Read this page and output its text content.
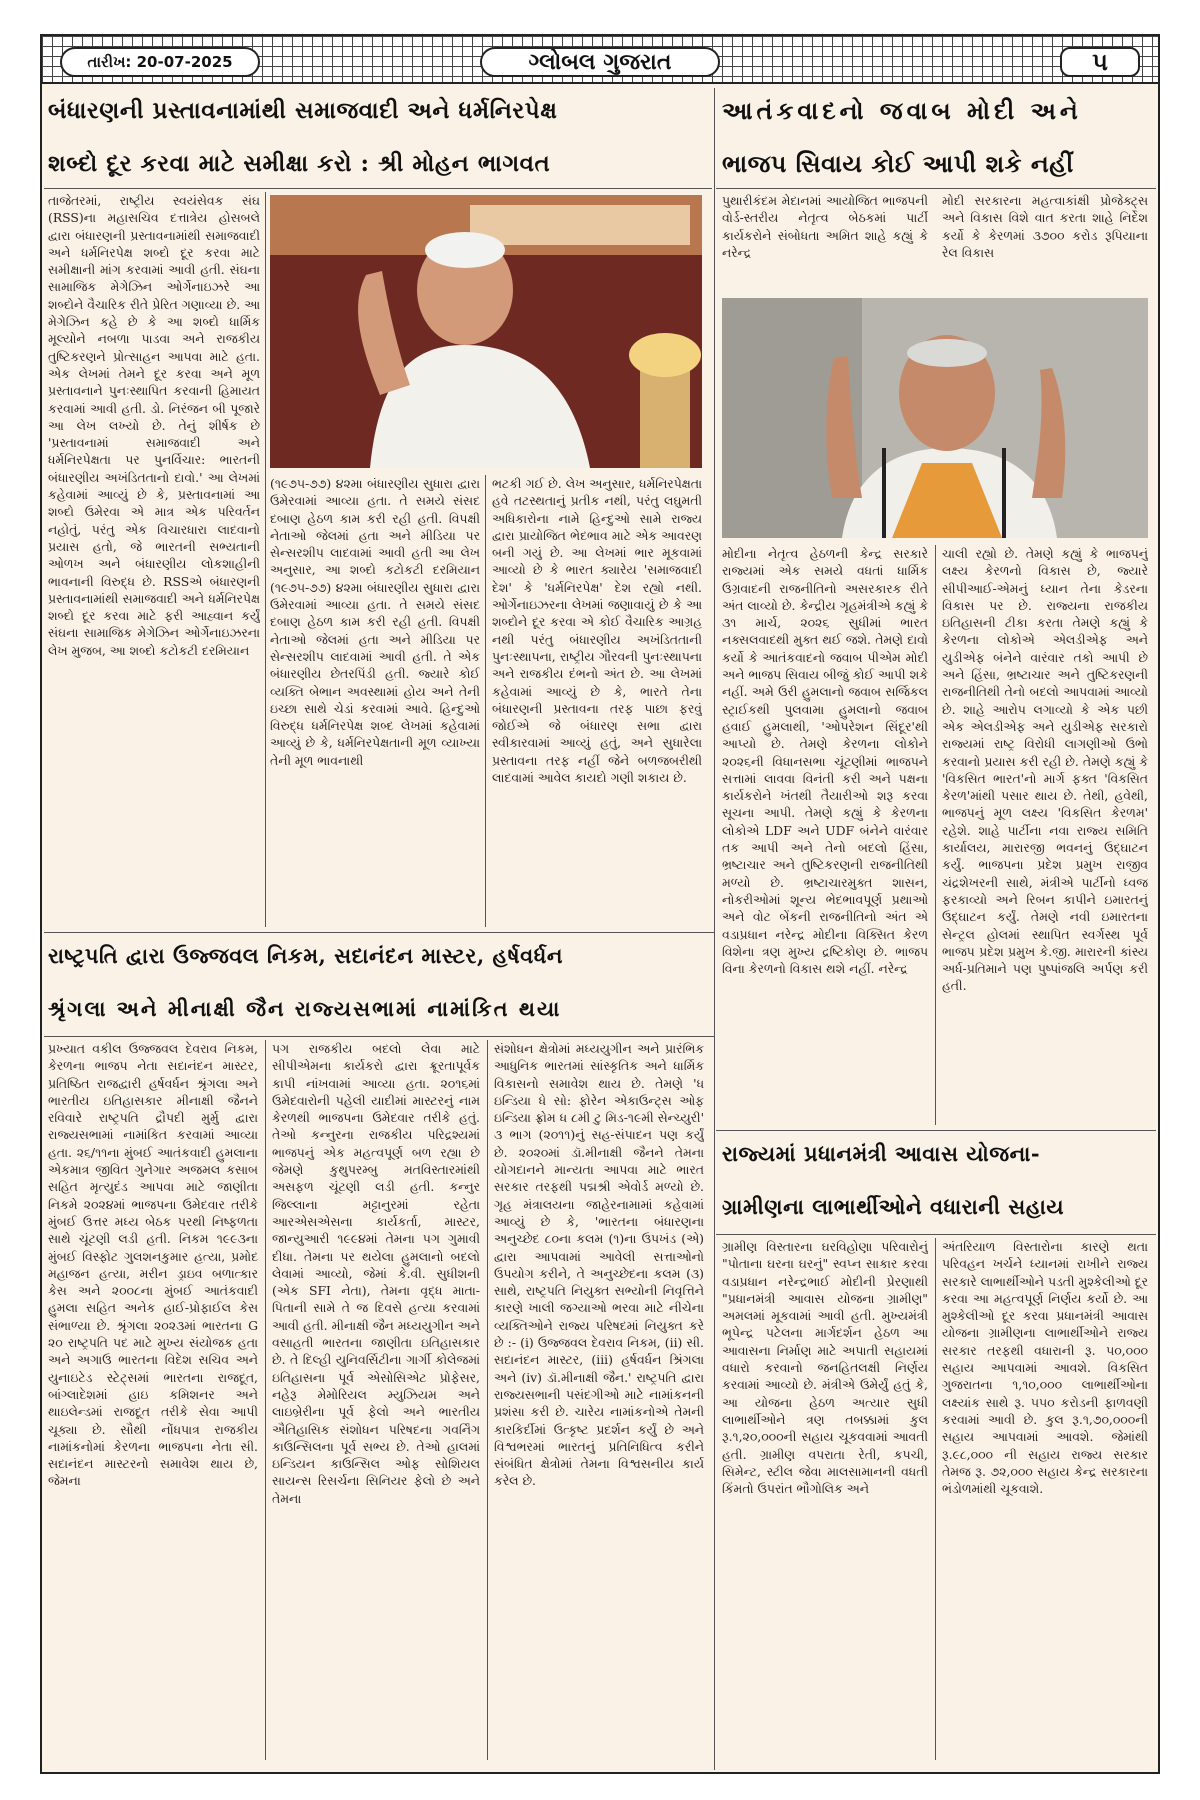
તારીખ: 20-07-2025	ગ્લોબલ ગુજરાત	૫
બંધારણની પ્રસ્તાવનામાંથી સમાજવાદી અને ધર્મનિરપેક્ષ
શબ્દો દૂર કરવા માટે સમીક્ષા કરો : શ્રી મોહન ભાગવત
તાજેતરમાં, રાષ્ટ્રીય સ્વયંસેવક સંઘ (RSS)ના મહાસચિવ દત્તાત્રેય હોસબલે દ્વારા બંધારણની પ્રસ્તાવનામાંથી સમાજવાદી અને ધર્મનિરપેક્ષ શબ્દો દૂર કરવા માટે સમીક્ષાની માંગ કરવામાં આવી હતી. સંઘના સામાજિક મેગેઝિન ઓર્ગેનાઇઝરે આ શબ્દોને વૈચારિક રીતે પ્રેરિત ગણાવ્યા છે. આ મેગેઝિન કહે છે કે આ શબ્દો ધાર્મિક મૂલ્યોને નબળા પાડવા અને રાજકીય તુષ્ટિકરણને પ્રોત્સાહન આપવા માટે હતા. એક લેખમાં તેમને દૂર કરવા અને મૂળ પ્રસ્તાવનાને પુનઃસ્થાપિત કરવાની હિમાયત કરવામાં આવી હતી. ડો. નિરંજન બી પૂજારે આ લેખ લખ્યો છે. તેનું શીર્ષક છે 'પ્રસ્તાવનામાં સમાજવાદી અને ધર્મનિરપેક્ષતા પર પુનર્વિચાર: ભારતની બંધારણીય અખંડિતતાનો દાવો.' આ લેખમાં કહેવામાં આવ્યું છે કે, પ્રસ્તાવનામાં આ શબ્દો ઉમેરવા એ માત્ર એક પરિવર્તન નહોતું, પરંતુ એક વિચારધારા લાદવાનો પ્રયાસ હતો, જે ભારતની સભ્યતાની ઓળખ અને બંધારણીય લોકશાહીની ભાવનાની વિરુદ્ધ છે. RSSએ બંધારણની પ્રસ્તાવનામાંથી સમાજવાદી અને ધર્મનિરપેક્ષ શબ્દો દૂર કરવા માટે ફરી આહ્વાન કર્યું સંઘના સામાજિક મેગેઝિન ઓર્ગેનાઇઝરના લેખ મુજબ, આ શબ્દો કટોકટી દરમિયાન
(૧૯૭૫-૭૭) ૪૨મા બંધારણીય સુધારા દ્વારા ઉમેરવામાં આવ્યા હતા. તે સમયે સંસદ દબાણ હેઠળ કામ કરી રહી હતી. વિપક્ષી નેતાઓ જેલમાં હતા અને મીડિયા પર સેન્સરશીપ લાદવામાં આવી હતી આ લેખ અનુસાર, આ શબ્દો કટોકટી દરમિયાન (૧૯૭૫-૭૭) ૪૨મા બંધારણીય સુધારા દ્વારા ઉમેરવામાં આવ્યા હતા. તે સમયે સંસદ દબાણ હેઠળ કામ કરી રહી હતી. વિપક્ષી નેતાઓ જેલમાં હતા અને મીડિયા પર સેન્સરશીપ લાદવામાં આવી હતી. તે એક બંધારણીય છેતરપિંડી હતી. જ્યારે કોઈ વ્યક્તિ બેભાન અવસ્થામાં હોય અને તેની ઇચ્છા સાથે ચેડાં કરવામાં આવે. હિન્દુઓ વિરુદ્ધ ધર્મનિરપેક્ષ શબ્દ લેખમાં કહેવામાં આવ્યું છે કે, ધર્મનિરપેક્ષતાની મૂળ વ્યાખ્યા તેની મૂળ ભાવનાથી
ભટકી ગઈ છે. લેખ અનુસાર, ધર્મનિરપેક્ષતા હવે તટસ્થતાનું પ્રતીક નથી, પરંતુ લઘુમતી અધિકારોના નામે હિન્દુઓ સામે રાજ્ય દ્વારા પ્રાયોજિત ભેદભાવ માટે એક આવરણ બની ગયું છે. આ લેખમાં ભાર મૂકવામાં આવ્યો છે કે ભારત ક્યારેય 'સમાજવાદી દેશ' કે 'ધર્મનિરપેક્ષ' દેશ રહ્યો નથી. ઓર્ગેનાઇઝરના લેખમાં જણાવાયું છે કે આ શબ્દોને દૂર કરવા એ કોઈ વૈચારિક આગ્રહ નથી પરંતુ બંધારણીય અખંડિતતાની પુનઃસ્થાપના, રાષ્ટ્રીય ગૌરવની પુનઃસ્થાપના અને રાજકીય દંભનો અંત છે. આ લેખમાં કહેવામાં આવ્યું છે કે, ભારતે તેના બંધારણની પ્રસ્તાવના તરફ પાછા ફરવું જોઈએ જે બંધારણ સભા દ્વારા સ્વીકારવામાં આવ્યું હતું, અને સુધારેલા પ્રસ્તાવના તરફ નહીં જેને બળજબરીથી લાદવામાં આવેલ કાયદો ગણી શકાય છે.
આતંકવાદનો જવાબ મોદી અને
ભાજપ સિવાય કોઈ આપી શકે નહીં
પુથારીકંદમ મેદાનમાં આયોજિત ભાજપની વોર્ડ-સ્તરીય નેતૃત્વ બેઠકમાં પાર્ટી કાર્યકરોને સંબોધતા અમિત શાહે કહ્યું કે નરેન્દ્ર
મોદી સરકારના મહત્વાકાંક્ષી પ્રોજેક્ટ્સ અને વિકાસ વિશે વાત કરતા શાહે નિર્દેશ કર્યો કે કેરળમાં ૩૭૦૦ કરોડ રૂપિયાના રેલ વિકાસ
મોદીના નેતૃત્વ હેઠળની કેન્દ્ર સરકારે રાજ્યમાં એક સમયે વધતાં ધાર્મિક ઉગ્રવાદની રાજનીતિનો અસરકારક રીતે અંત લાવ્યો છે. કેન્દ્રીય ગૃહમંત્રીએ કહ્યું કે ૩૧ માર્ચ, ૨૦૨૬ સુધીમાં ભારત નક્સલવાદથી મુક્ત થઈ જશે. તેમણે દાવો કર્યો કે આતંકવાદનો જવાબ પીએમ મોદી અને ભાજપ સિવાય બીજું કોઈ આપી શકે નહીં. અમે ઉરી હુમલાનો જવાબ સર્જિકલ સ્ટ્રાઈકથી પુલવામા હુમલાનો જવાબ હવાઈ હુમલાથી, 'ઓપરેશન સિંદૂર'થી આપ્યો છે. તેમણે કેરળના લોકોને ૨૦૨૬ની વિધાનસભા ચૂંટણીમાં ભાજપને સત્તામાં લાવવા વિનંતી કરી અને પક્ષના કાર્યકરોને ખંતથી તૈયારીઓ શરૂ કરવા સૂચના આપી. તેમણે કહ્યું કે કેરળના લોકોએ LDF અને UDF બંનેને વારંવાર તક આપી અને તેનો બદલો હિંસા, ભ્રષ્ટાચાર અને તુષ્ટિકરણની રાજનીતિથી મળ્યો છે. ભ્રષ્ટાચારમુક્ત શાસન, નોકરીઓમાં શૂન્ય ભેદભાવપૂર્ણ પ્રથાઓ અને વોટ બેંકની રાજનીતિનો અંત એ વડાપ્રધાન નરેન્દ્ર મોદીના વિક્સિત કેરળ વિશેના ત્રણ મુખ્ય દ્રષ્ટિકોણ છે. ભાજપ વિના કેરળનો વિકાસ થશે નહીં. નરેન્દ્ર
ચાલી રહ્યો છે. તેમણે કહ્યું કે ભાજપનું લક્ષ્ય કેરળનો વિકાસ છે, જ્યારે સીપીઆઈ-એમનું ધ્યાન તેના કેડરના વિકાસ પર છે. રાજ્યના રાજકીય ઇતિહાસની ટીકા કરતા તેમણે કહ્યું કે કેરળના લોકોએ એલડીએફ અને યુડીએફ બંનેને વારંવાર તકો આપી છે અને હિંસા, ભ્રષ્ટાચાર અને તુષ્ટિકરણની રાજનીતિથી તેનો બદલો આપવામાં આવ્યો છે. શાહે આરોપ લગાવ્યો કે એક પછી એક એલડીએફ અને યુડીએફ સરકારો રાજ્યમાં રાષ્ટ્ર વિરોધી લાગણીઓ ઉભો કરવાનો પ્રયાસ કરી રહી છે. તેમણે કહ્યું કે 'વિકસિત ભારત'નો માર્ગ ફક્ત 'વિકસિત કેરળ'માંથી પસાર થાય છે. તેથી, હવેથી, ભાજપનું મૂળ લક્ષ્ય 'વિકસિત કેરળમ' રહેશે. શાહે પાર્ટીના નવા રાજ્ય સમિતિ કાર્યાલય, મારારજી ભવનનું ઉદ્ઘાટન કર્યું. ભાજપના પ્રદેશ પ્રમુખ રાજીવ ચંદ્રશેખરની સાથે, મંત્રીએ પાર્ટીનો ધ્વજ ફરકાવ્યો અને રિબન કાપીને ઇમારતનું ઉદ્ઘાટન કર્યું. તેમણે નવી ઇમારતના સેન્ટ્રલ હોલમાં સ્થાપિત સ્વર્ગસ્થ પૂર્વ ભાજપ પ્રદેશ પ્રમુખ કે.જી. મારારની કાંસ્ય અર્ધ-પ્રતિમાને પણ પુષ્પાંજલિ અર્પણ કરી હતી.
રાષ્ટ્રપતિ દ્વારા ઉજ્જવલ નિકમ, સદાનંદન માસ્ટર, હર્ષવર્ધન
શ્રૃંગલા અને મીનાક્ષી જૈન રાજ્યસભામાં નામાંકિત થયા
પ્રખ્યાત વકીલ ઉજ્જવલ દેવરાવ નિકમ, કેરળના ભાજપ નેતા સદાનંદન માસ્ટર, પ્રતિષ્ઠિત રાજદ્વારી હર્ષવર્ધન શ્રૃંગલા અને ભારતીય ઇતિહાસકાર મીનાક્ષી જૈનને રવિવારે રાષ્ટ્રપતિ દ્રૌપદી મુર્મુ દ્વારા રાજ્યસભામાં નામાંકિત કરવામાં આવ્યા હતા. ૨૬/૧૧ના મુંબઈ આતંકવાદી હુમલાના એકમાત્ર જીવિત ગુનેગાર અજમલ કસાબ સહિત મૃત્યુદંડ આપવા માટે જાણીતા નિકમે ૨૦૨૪માં ભાજપના ઉમેદવાર તરીકે મુંબઈ ઉત્તર મધ્ય બેઠક પરથી નિષ્ફળતા સાથે ચૂંટણી લડી હતી. નિકમ ૧૯૯૩ના મુંબઈ વિસ્ફોટ ગુલશનકુમાર હત્યા, પ્રમોદ મહાજન હત્યા, મરીન ડ્રાઇવ બળાત્કાર કેસ અને ૨૦૦૮ના મુંબઈ આતંકવાદી હુમલા સહિત અનેક હાઈ-પ્રોફાઈલ કેસ સંભાળ્યા છે. શ્રૃંગલા ૨૦૨૩માં ભારતના G ૨૦ રાષ્ટ્રપતિ પદ માટે મુખ્ય સંયોજક હતા અને અગાઉ ભારતના વિદેશ સચિવ અને યુનાઇટેડ સ્ટેટ્સમાં ભારતના રાજદૂત, બાંગ્લાદેશમાં હાઇ કમિશનર અને થાઇલેન્ડમાં રાજદૂત તરીકે સેવા આપી ચૂક્યા છે. સૌથી નોંધપાત્ર રાજકીય નામાંકનોમાં કેરળના ભાજપના નેતા સી. સદાનંદન માસ્ટરનો સમાવેશ થાય છે, જેમના
પગ રાજકીય બદલો લેવા માટે સીપીએમના કાર્યકરો દ્વારા ક્રૂરતાપૂર્વક કાપી નાંખવામાં આવ્યા હતા. ૨૦૧૬માં ઉમેદવારોની પહેલી યાદીમાં માસ્ટરનું નામ કેરળથી ભાજપના ઉમેદવાર તરીકે હતું. તેઓ કન્નુરના રાજકીય પરિદ્રશ્યમાં ભાજપનું એક મહત્વપૂર્ણ બળ રહ્યા છે જેમણે કુથુપરમ્બુ મતવિસ્તારમાંથી અસફળ ચૂંટણી લડી હતી. કન્નુર જિલ્લાના મટ્ટાનુરમાં રહેતા આરએસએસના કાર્યકર્તા, માસ્ટર, જાન્યુઆરી ૧૯૯૪માં તેમના પગ ગુમાવી દીધા. તેમના પર થયેલા હુમલાનો બદલો લેવામાં આવ્યો, જેમાં કે.વી. સુધીશની (એક SFI નેતા), તેમના વૃદ્ધ માતા-પિતાની સામે તે જ દિવસે હત્યા કરવામાં આવી હતી. મીનાક્ષી જૈન મધ્યયુગીન અને વસાહતી ભારતના જાણીતા ઇતિહાસકાર છે. તે દિલ્હી યુનિવર્સિટીના ગાર્ગી કોલેજમાં ઇતિહાસના પૂર્વ એસોસિએટ પ્રોફેસર, નહેરૂ મેમોરિયલ મ્યુઝિયમ અને લાઇબ્રેરીના પૂર્વ ફેલો અને ભારતીય ઐતિહાસિક સંશોધન પરિષદના ગવર્નિંગ કાઉન્સિલના પૂર્વ સભ્ય છે. તેઓ હાલમાં ઇન્ડિયન કાઉન્સિલ ઓફ સોશિયલ સાયન્સ રિસર્ચના સિનિયર ફેલો છે અને તેમના
સંશોધન ક્ષેત્રોમાં મધ્યયુગીન અને પ્રારંભિક આધુનિક ભારતમાં સાંસ્કૃતિક અને ધાર્મિક વિકાસનો સમાવેશ થાય છે. તેમણે 'ધ ઇન્ડિયા ધે સો: ફોરેન એકાઉન્ટ્સ ઓફ ઇન્ડિયા ફ્રોમ ધ ૮મી ટુ મિડ-૧૯મી સેન્ચ્યુરી' ૩ ભાગ (૨૦૧૧)નું સહ-સંપાદન પણ કર્યું છે. ૨૦૨૦માં ડૉ.મીનાક્ષી જૈનને તેમના યોગદાનને માન્યતા આપવા માટે ભારત સરકાર તરફથી પદ્મશ્રી એવોર્ડ મળ્યો છે. ગૃહ મંત્રાલયના જાહેરનામામાં કહેવામાં આવ્યું છે કે, 'ભારતના બંધારણના અનુચ્છેદ ૮૦ના કલમ (૧)ના ઉપખંડ (એ) દ્વારા આપવામાં આવેલી સત્તાઓનો ઉપયોગ કરીને, તે અનુચ્છેદના કલમ (૩) સાથે, રાષ્ટ્રપતિ નિયુક્ત સભ્યોની નિવૃત્તિને કારણે ખાલી જગ્યાઓ ભરવા માટે નીચેના વ્યક્તિઓને રાજ્ય પરિષદમાં નિયુક્ત કરે છે :- (i) ઉજ્જવલ દેવરાવ નિકમ, (ii) સી. સદાનંદન માસ્ટર, (iii) હર્ષવર્ધન શ્રિંગલા અને (iv) ડૉ.મીનાક્ષી જૈન.' રાષ્ટ્રપતિ દ્વારા રાજ્યસભાની પસંદગીઓ માટે નામાંકનની પ્રશંસા કરી છે. ચારેય નામાંકનોએ તેમની કારકિર્દીમાં ઉત્કૃષ્ટ પ્રદર્શન કર્યું છે અને વિશ્વભરમાં ભારતનું પ્રતિનિધિત્વ કરીને સંબંધિત ક્ષેત્રોમાં તેમના વિશ્વસનીય કાર્ય કરેલ છે.
રાજ્યમાં પ્રધાનમંત્રી આવાસ યોજના-
ગ્રામીણના લાભાર્થીઓને વધારાની સહાય
ગ્રામીણ વિસ્તારના ઘરવિહોણા પરિવારોનું "પોતાના ઘરના ઘરનું" સ્વપ્ન સાકાર કરવા વડાપ્રધાન નરેન્દ્રભાઈ મોદીની પ્રેરણાથી "પ્રધાનમંત્રી આવાસ યોજના ગ્રામીણ" અમલમાં મૂકવામાં આવી હતી. મુખ્યમંત્રી ભૂપેન્દ્ર પટેલના માર્ગદર્શન હેઠળ આ આવાસના નિર્માણ માટે અપાતી સહાયમાં વધારો કરવાનો જનહિતલક્ષી નિર્ણય કરવામાં આવ્યો છે. મંત્રીએ ઉમેર્યું હતું કે, આ યોજના હેઠળ અત્યાર સુધી લાભાર્થીઓને ત્રણ તબક્કામાં કુલ રૂ.૧,૨૦,૦૦૦ની સહાય ચૂકવવામાં આવતી હતી. ગ્રામીણ વપરાતા રેતી, કપચી, સિમેન્ટ, સ્ટીલ જેવા માલસામાનની વધતી કિંમતો ઉપરાંત ભૌગોલિક અને
અંતરિયાળ વિસ્તારોના કારણે થતા પરિવહન ખર્ચને ધ્યાનમાં રાખીને રાજ્ય સરકારે લાભાર્થીઓને પડતી મુશ્કેલીઓ દૂર કરવા આ મહત્વપૂર્ણ નિર્ણય કર્યો છે. આ મુશ્કેલીઓ દૂર કરવા પ્રધાનમંત્રી આવાસ યોજના ગ્રામીણના લાભાર્થીઓને રાજ્ય સરકાર તરફથી વધારાની રૂ. ૫૦,૦૦૦ સહાય આપવામાં આવશે. વિકસિત ગુજરાતના ૧,૧૦,૦૦૦ લાભાર્થીઓના લક્ષ્યાંક સાથે રૂ. ૫૫૦ કરોડની ફાળવણી કરવામાં આવી છે. કુલ રૂ.૧,૭૦,૦૦૦ની સહાય આપવામાં આવશે. જેમાંથી રૂ.૯૮,૦૦૦ ની સહાય રાજ્ય સરકાર તેમજ રૂ. ૭૨,૦૦૦ સહાય કેન્દ્ર સરકારના ભંડોળમાંથી ચૂકવાશે.
